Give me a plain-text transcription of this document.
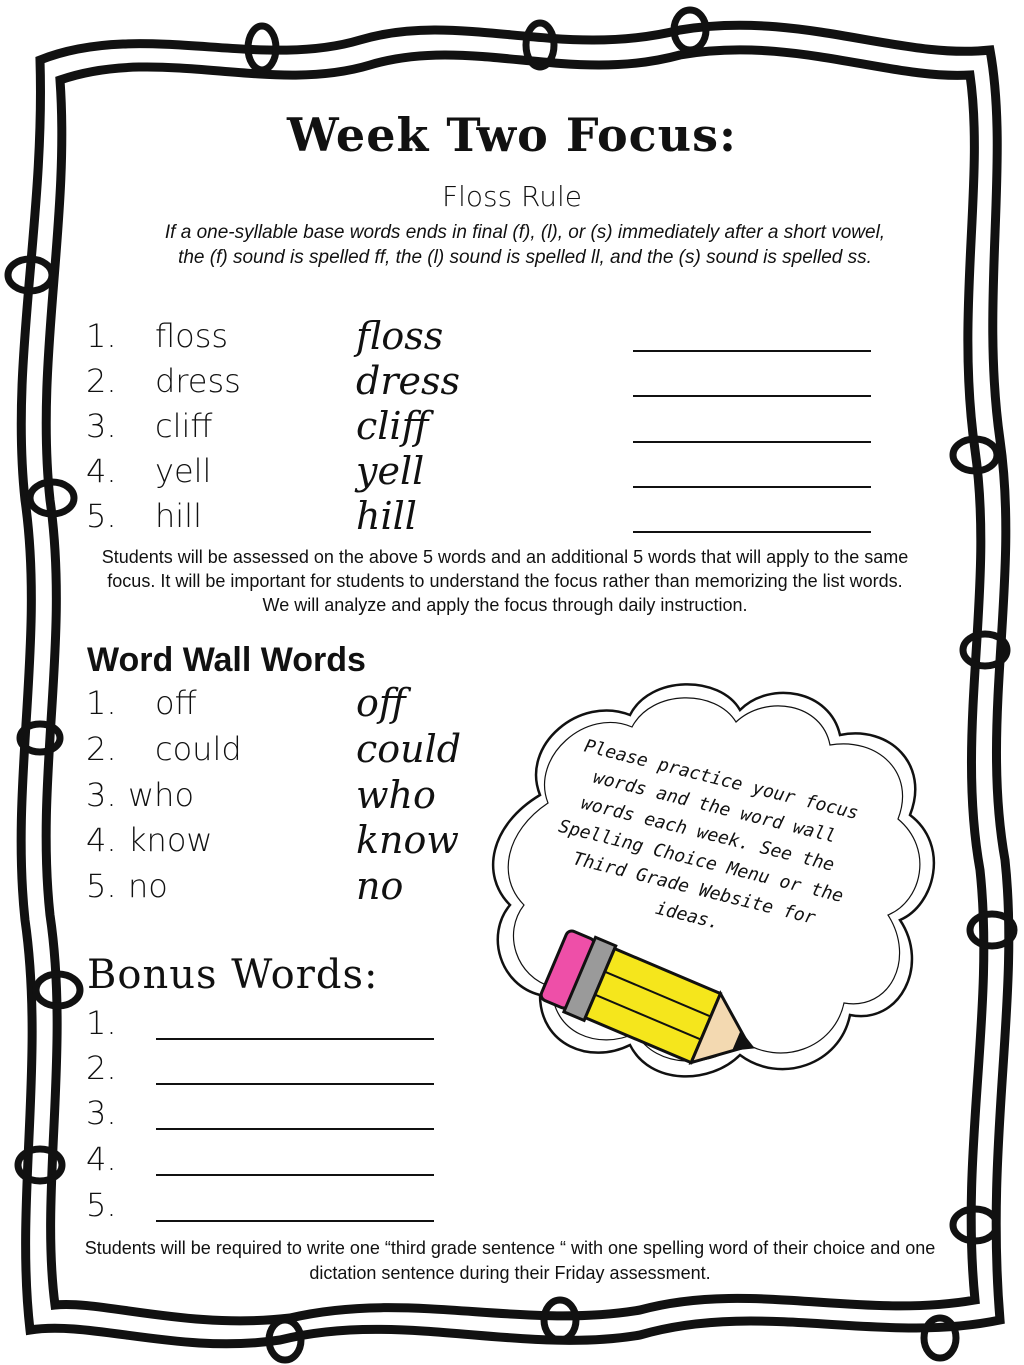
Week Two Focus:
Floss Rule
If a one-syllable base words ends in final (f), (l), or (s) immediately after a short vowel, the (f) sound is spelled ff, the (l) sound is spelled ll, and the (s) sound is spelled ss.
1. floss	floss
2. dress	dress
3. cliff	cliff
4. yell	yell
5. hill	hill
Students will be assessed on the above 5 words and an additional 5 words that will apply to the same focus. It will be important for students to understand the focus rather than memorizing the list words. We will analyze and apply the focus through daily instruction.
Word Wall Words
1. off	off
2. could	could
3. who	who
4. know	know
5. no	no
Please practice your focus words and the word wall words each week. See the Spelling Choice Menu or the Third Grade Website for ideas.
Bonus Words:
1.
2.
3.
4.
5.
Students will be required to write one “third grade sentence “ with one spelling word of their choice and one dictation sentence during their Friday assessment.
